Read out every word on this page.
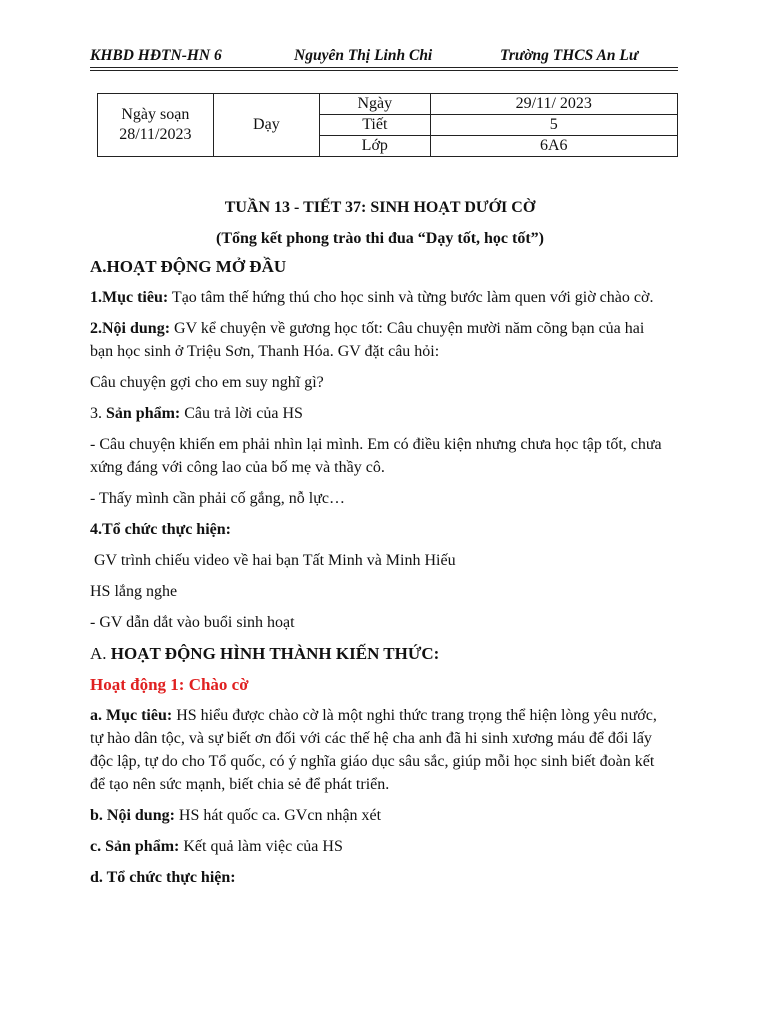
KHBD HĐTN-HN 6	Nguyên Thị Linh Chi	Trường THCS An Lư
Ngày soạn
28/11/2023	Dạy	Ngày	29/11/ 2023
		Tiết	5
		Lớp	6A6

TUẦN 13 - TIẾT 37: SINH HOẠT DƯỚI CỜ

(Tổng kết phong trào thi đua “Dạy tốt, học tốt”)

A.HOẠT ĐỘNG MỞ ĐẦU

1.Mục tiêu: Tạo tâm thế hứng thú cho học sinh và từng bước làm quen với giờ chào cờ.

2.Nội dung: GV kể chuyện về gương học tốt: Câu chuyện mười năm cõng bạn của hai bạn học sinh ở Triệu Sơn, Thanh Hóa. GV đặt câu hỏi:

Câu chuyện gợi cho em suy nghĩ gì?

3. Sản phẩm: Câu trả lời của HS

- Câu chuyện khiến em phải nhìn lại mình. Em có điều kiện nhưng chưa học tập tốt, chưa xứng đáng với công lao của bố mẹ và thầy cô.

- Thấy mình cần phải cố gắng, nỗ lực…

4.Tổ chức thực hiện:

GV trình chiếu video về hai bạn Tất Minh và Minh Hiếu

HS lắng nghe

- GV dẫn dắt vào buổi sinh hoạt

A. HOẠT ĐỘNG HÌNH THÀNH KIẾN THỨC:

Hoạt động 1: Chào cờ

a. Mục tiêu: HS hiểu được chào cờ là một nghi thức trang trọng thể hiện lòng yêu nước, tự hào dân tộc, và sự biết ơn đối với các thế hệ cha anh đã hi sinh xương máu để đổi lấy độc lập, tự do cho Tổ quốc, có ý nghĩa giáo dục sâu sắc, giúp mỗi học sinh biết đoàn kết để tạo nên sức mạnh, biết chia sẻ để phát triển.

b. Nội dung: HS hát quốc ca. GVcn nhận xét

c. Sản phẩm: Kết quả làm việc của HS

d. Tổ chức thực hiện:
